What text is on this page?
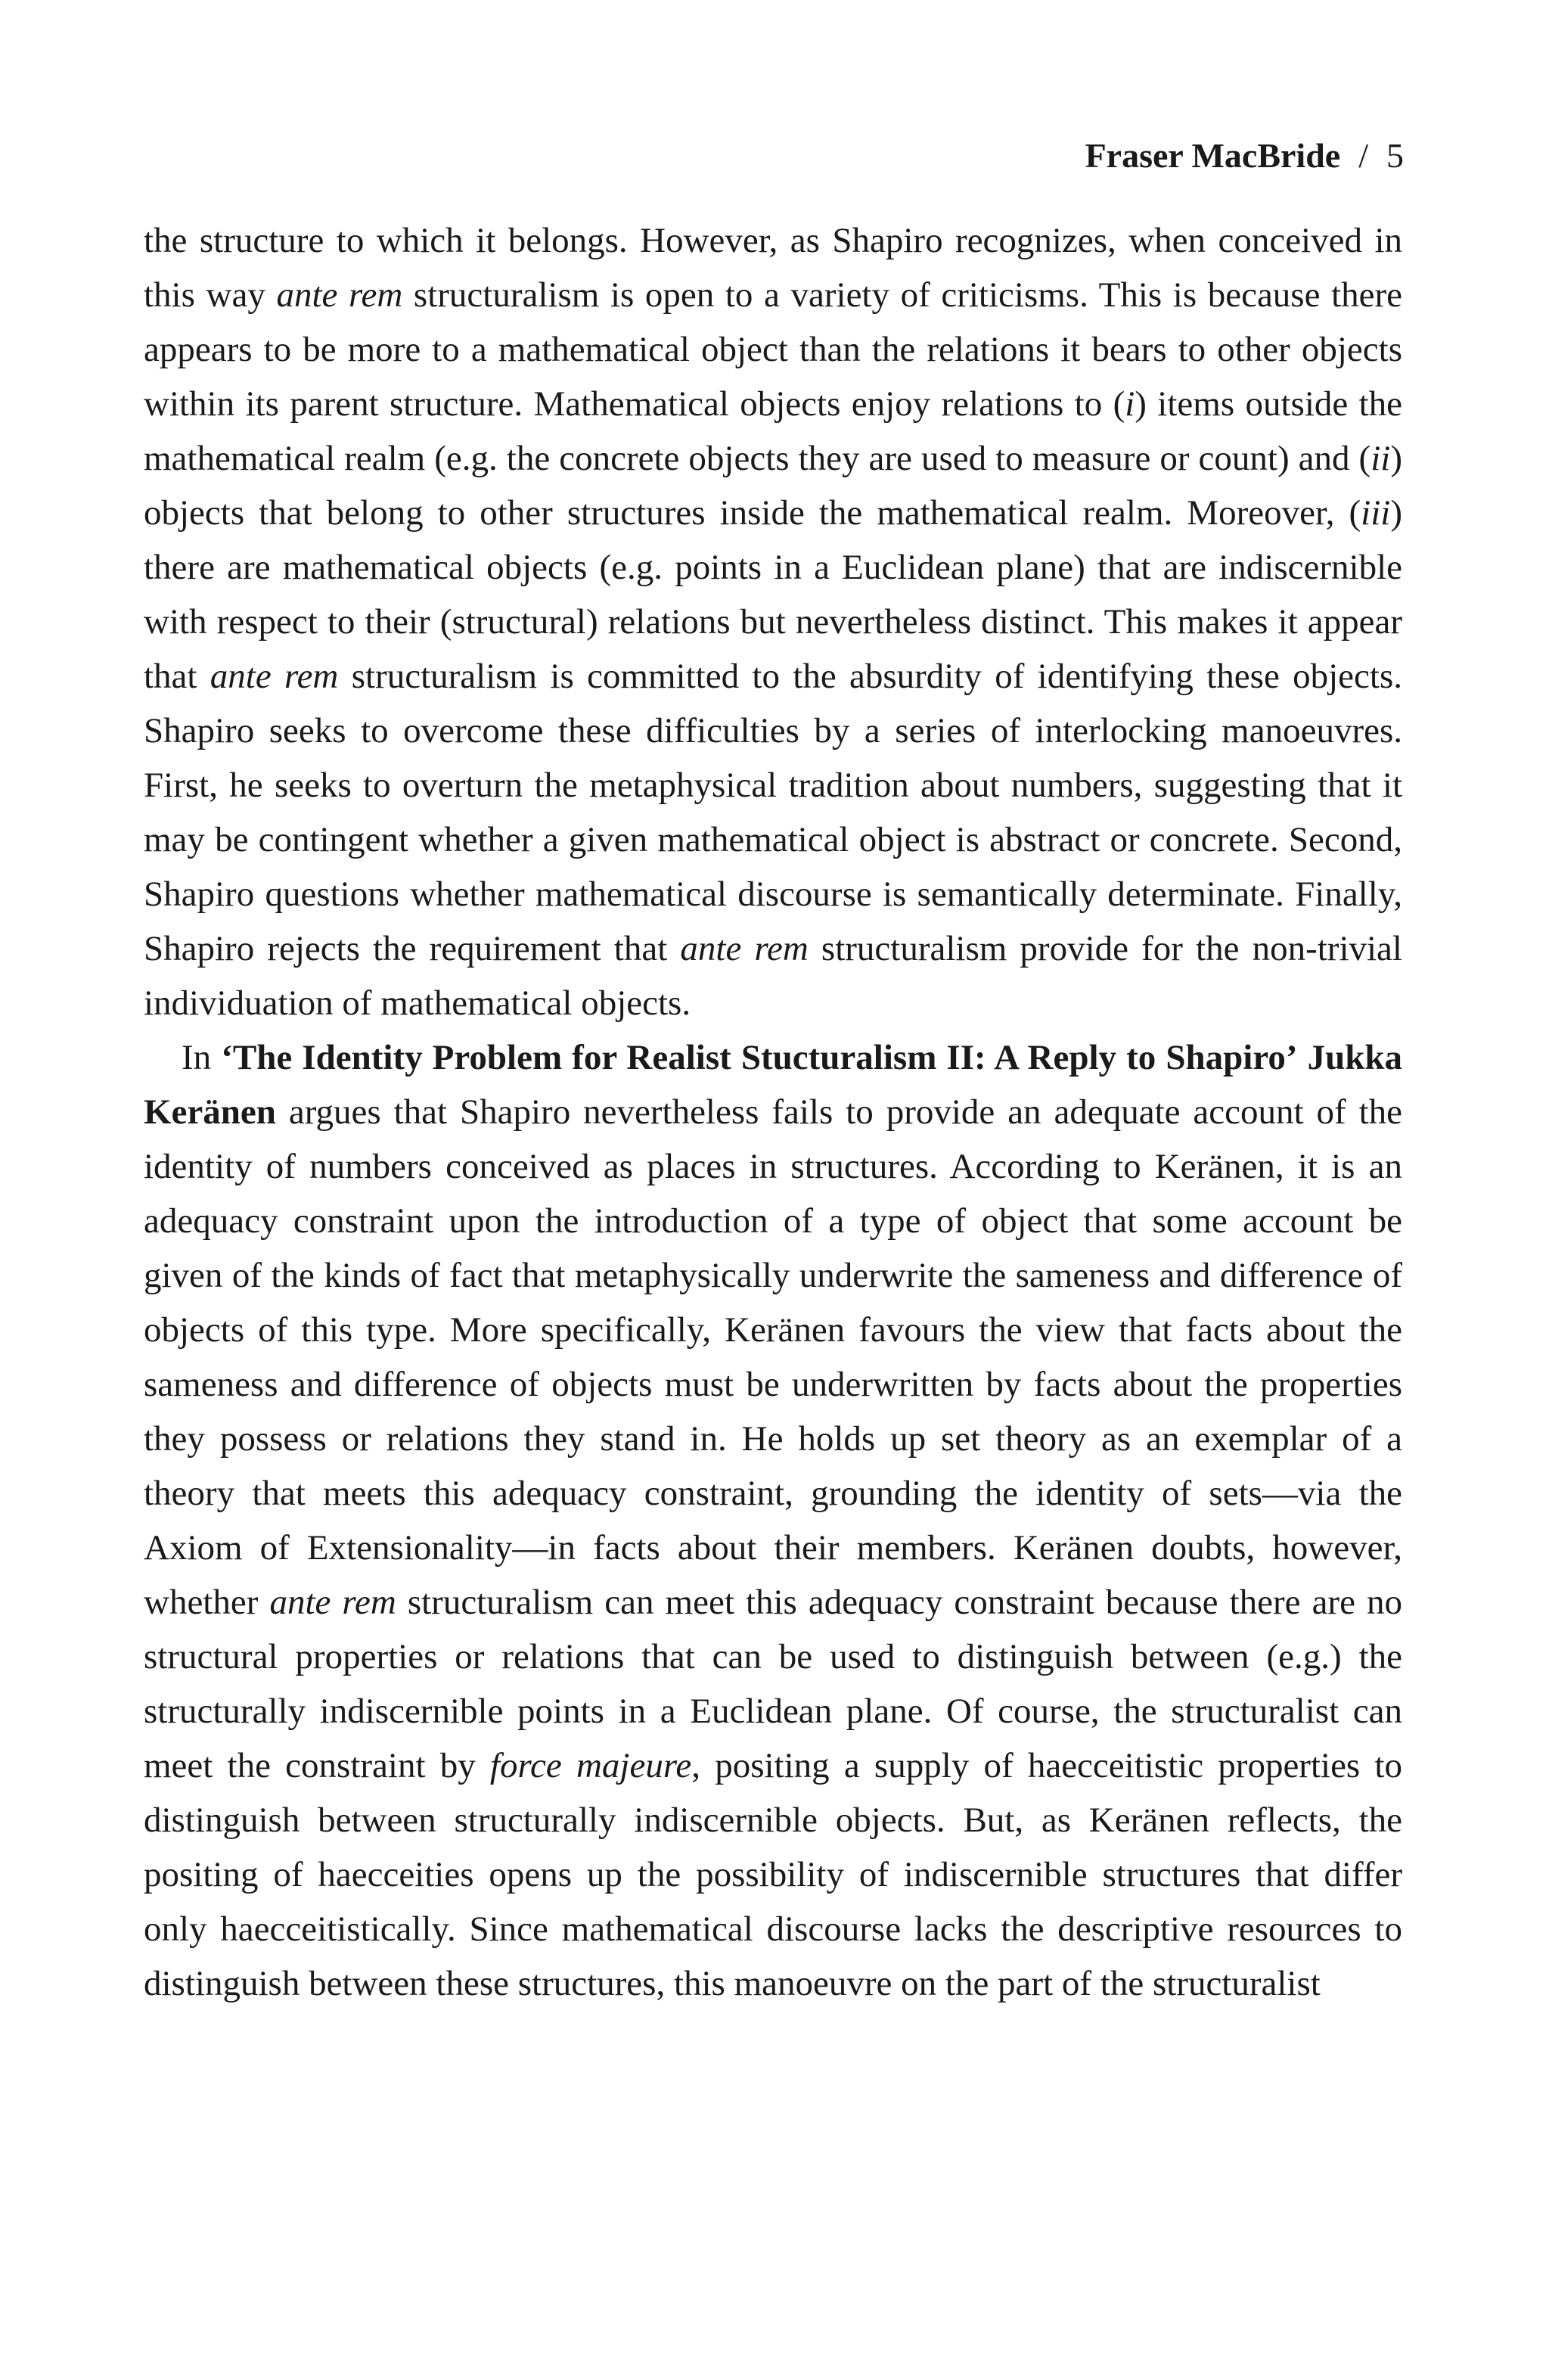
Fraser MacBride / 5

the structure to which it belongs. However, as Shapiro recognizes, when conceived in this way ante rem structuralism is open to a variety of criticisms. This is because there appears to be more to a mathematical object than the relations it bears to other objects within its parent structure. Mathematical objects enjoy relations to (i) items outside the mathematical realm (e.g. the concrete objects they are used to measure or count) and (ii) objects that belong to other structures inside the mathematical realm. Moreover, (iii) there are mathematical objects (e.g. points in a Euclidean plane) that are indiscernible with respect to their (structural) relations but nevertheless distinct. This makes it appear that ante rem structuralism is committed to the absurdity of identifying these objects. Shapiro seeks to overcome these difficulties by a series of interlocking manoeuvres. First, he seeks to overturn the metaphysical tradition about numbers, suggesting that it may be contingent whether a given mathematical object is abstract or concrete. Second, Shapiro questions whether mathematical discourse is semantically determinate. Finally, Shapiro rejects the requirement that ante rem structuralism provide for the non-trivial individuation of mathematical objects.

In ‘The Identity Problem for Realist Stucturalism II: A Reply to Shapiro’ Jukka Keränen argues that Shapiro nevertheless fails to provide an adequate account of the identity of numbers conceived as places in structures. According to Keränen, it is an adequacy constraint upon the introduction of a type of object that some account be given of the kinds of fact that metaphysically underwrite the sameness and difference of objects of this type. More specifically, Keränen favours the view that facts about the sameness and difference of objects must be underwritten by facts about the properties they possess or relations they stand in. He holds up set theory as an exemplar of a theory that meets this adequacy constraint, grounding the identity of sets—via the Axiom of Extensionality—in facts about their members. Keränen doubts, however, whether ante rem structuralism can meet this adequacy constraint because there are no structural properties or relations that can be used to distinguish between (e.g.) the structurally indiscernible points in a Euclidean plane. Of course, the structuralist can meet the constraint by force majeure, positing a supply of haecceitistic properties to distinguish between structurally indiscernible objects. But, as Keränen reflects, the positing of haecceities opens up the possibility of indiscernible structures that differ only haecceitistically. Since mathematical discourse lacks the descriptive resources to distinguish between these structures, this manoeuvre on the part of the structuralist
